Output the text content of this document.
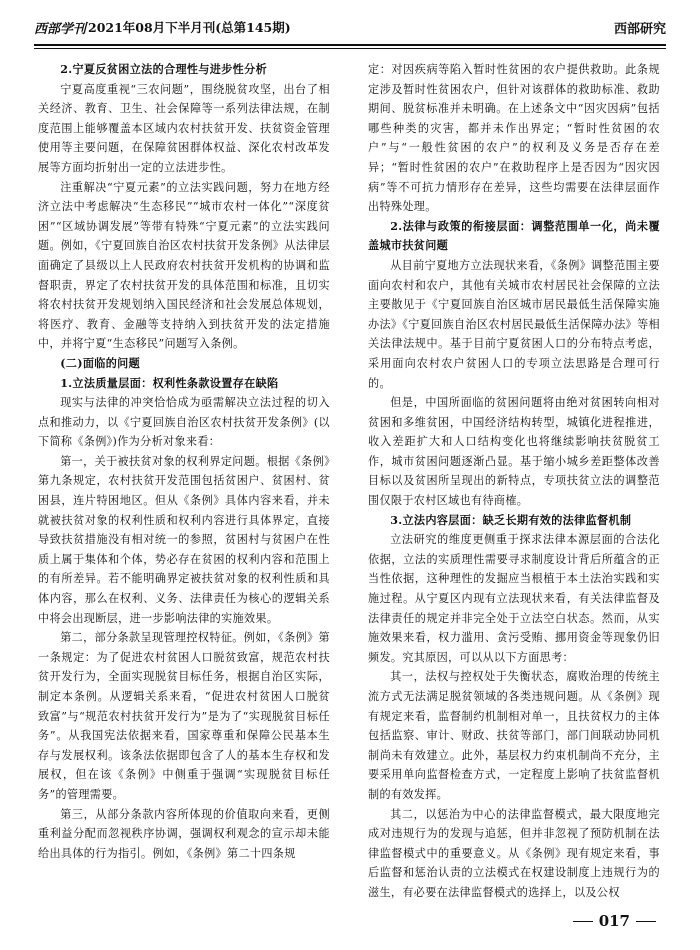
西部学刊 2021年08月下半月刊(总第145期)	西部研究

2.宁夏反贫困立法的合理性与进步性分析

宁夏高度重视“三农问题”，围绕脱贫攻坚，出台了相关经济、教育、卫生、社会保障等一系列法律法规，在制度范围上能够覆盖本区域内农村扶贫开发、扶贫资金管理使用等主要问题，在保障贫困群体权益、深化农村改革发展等方面均折射出一定的立法进步性。

注重解决“宁夏元素”的立法实践问题，努力在地方经济立法中考虑解决“生态移民”“城市农村一体化”“深度贫困”“区域协调发展”等带有特殊“宁夏元素”的立法实践问题。例如，《宁夏回族自治区农村扶贫开发条例》从法律层面确定了县级以上人民政府农村扶贫开发机构的协调和监督职责，界定了农村扶贫开发的具体范围和标准，且切实将农村扶贫开发规划纳入国民经济和社会发展总体规划，将医疗、教育、金融等支持纳入到扶贫开发的法定措施中，并将宁夏“生态移民”问题写入条例。

(二)面临的问题

1.立法质量层面：权利性条款设置存在缺陷

现实与法律的冲突恰恰成为亟需解决立法过程的切入点和推动力，以《宁夏回族自治区农村扶贫开发条例》(以下简称《条例》)作为分析对象来看：

第一，关于被扶贫对象的权利界定问题。根据《条例》第九条规定，农村扶贫开发范围包括贫困户、贫困村、贫困县，连片特困地区。但从《条例》具体内容来看，并未就被扶贫对象的权利性质和权利内容进行具体界定，直接导致扶贫措施没有相对统一的参照，贫困村与贫困户在性质上属于集体和个体，势必存在贫困的权利内容和范围上的有所差异。若不能明确界定被扶贫对象的权利性质和具体内容，那么在权利、义务、法律责任为核心的逻辑关系中将会出现断层，进一步影响法律的实施效果。

第二，部分条款呈现管理控权特征。例如，《条例》第一条规定：为了促进农村贫困人口脱贫致富，规范农村扶贫开发行为，全面实现脱贫目标任务，根据自治区实际，制定本条例。从逻辑关系来看，“促进农村贫困人口脱贫致富”与“规范农村扶贫开发行为”是为了“实现脱贫目标任务”。从我国宪法依据来看，国家尊重和保障公民基本生存与发展权利。该条法依据即包含了人的基本生存权和发展权，但在该《条例》中侧重于强调“实现脱贫目标任务”的管理需要。

第三，从部分条款内容所体现的价值取向来看，更侧重利益分配而忽视秩序协调，强调权利观念的宣示却未能给出具体的行为指引。例如，《条例》第二十四条规

定：对因疾病等陷入暂时性贫困的农户提供救助。此条规定涉及暂时性贫困农户，但针对该群体的救助标准、救助期间、脱贫标准并未明确。在上述条文中“因灾因病”包括哪些种类的灾害，都并未作出界定；“暂时性贫困的农户”与“一般性贫困的农户”的权利及义务是否存在差异；“暂时性贫困的农户”在救助程序上是否因为“因灾因病”等不可抗力情形存在差异，这些均需要在法律层面作出特殊处理。

2.法律与政策的衔接层面：调整范围单一化，尚未覆盖城市扶贫问题

从目前宁夏地方立法现状来看，《条例》调整范围主要面向农村和农户，其他有关城市农村居民社会保障的立法主要散见于《宁夏回族自治区城市居民最低生活保障实施办法》《宁夏回族自治区农村居民最低生活保障办法》等相关法律法规中。基于目前宁夏贫困人口的分布特点考虑，采用面向农村农户贫困人口的专项立法思路是合理可行的。

但是，中国所面临的贫困问题将由绝对贫困转向相对贫困和多维贫困，中国经济结构转型，城镇化进程推进，收入差距扩大和人口结构变化也将继续影响扶贫脱贫工作，城市贫困问题逐渐凸显。基于缩小城乡差距整体改善目标以及贫困所呈现出的新特点，专项扶贫立法的调整范围仅限于农村区域也有待商榷。

3.立法内容层面：缺乏长期有效的法律监督机制

立法研究的维度更侧重于探求法律本源层面的合法化依据，立法的实质理性需要寻求制度设计背后所蕴含的正当性依据，这种理性的发掘应当根植于本土法治实践和实施过程。从宁夏区内现有立法现状来看，有关法律监督及法律责任的规定并非完全处于立法空白状态。然而，从实施效果来看，权力滥用、贪污受贿、挪用资金等现象仍旧频发。究其原因，可以从以下方面思考：

其一，法权与控权处于失衡状态，腐败治理的传统主流方式无法满足脱贫领域的各类违规问题。从《条例》现有规定来看，监督制约机制相对单一，且扶贫权力的主体包括监察、审计、财政、扶贫等部门，部门间联动协同机制尚未有效建立。此外，基层权力约束机制尚不充分，主要采用单向监督检查方式，一定程度上影响了扶贫监督机制的有效发挥。

其二，以惩治为中心的法律监督模式，最大限度地完成对违规行为的发现与追惩，但并非忽视了预防机制在法律监督模式中的重要意义。从《条例》现有规定来看，事后监督和惩治认责的立法模式在权建设制度上违规行为的滋生，有必要在法律监督模式的选择上，以及公权

017
